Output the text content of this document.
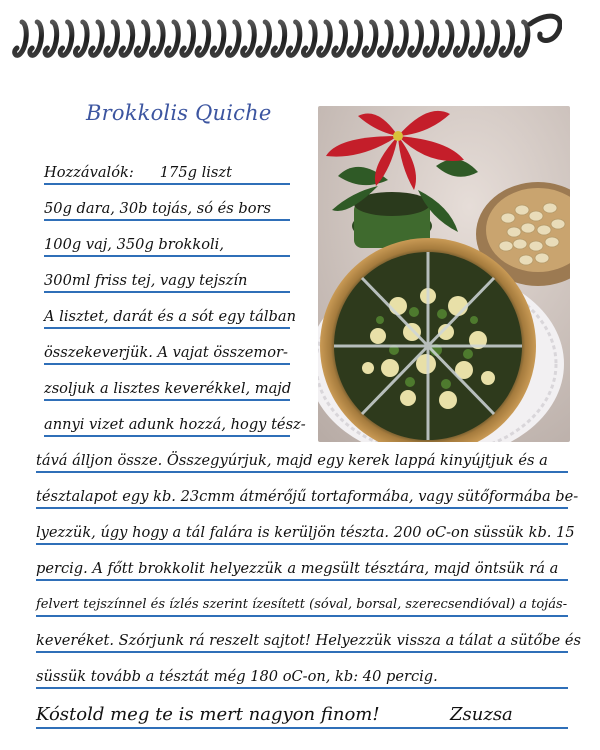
Brokkolis Quiche
Hozzávalók: 175g liszt
50g dara, 30b tojás, só és bors
100g vaj, 350g brokkoli,
300ml friss tej, vagy tejszín
A lisztet, darát és a sót egy tálban
összekeverjük. A vajat összemor-
zsoljuk a lisztes keverékkel, majd
annyi vizet adunk hozzá, hogy tész-
tává álljon össze. Összegyúrjuk, majd egy kerek lappá kinyújtjuk és a
tésztalapot egy kb. 23cmm átmérőjű tortaformába, vagy sütőformába be-
lyezzük, úgy hogy a tál falára is kerüljön tészta. 200 oC-on süssük kb. 15
percig. A főtt brokkolit helyezzük a megsült tésztára, majd öntsük rá a
felvert tejszínnel és ízlés szerint ízesített (sóval, borsal, szerecsendióval) a tojás-
keveréket. Szórjunk rá reszelt sajtot! Helyezzük vissza a tálat a sütőbe és
süssük tovább a tésztát még 180 oC-on, kb: 40 percig.
Kóstold meg te is mert nagyon finom!	Zsuzsa
